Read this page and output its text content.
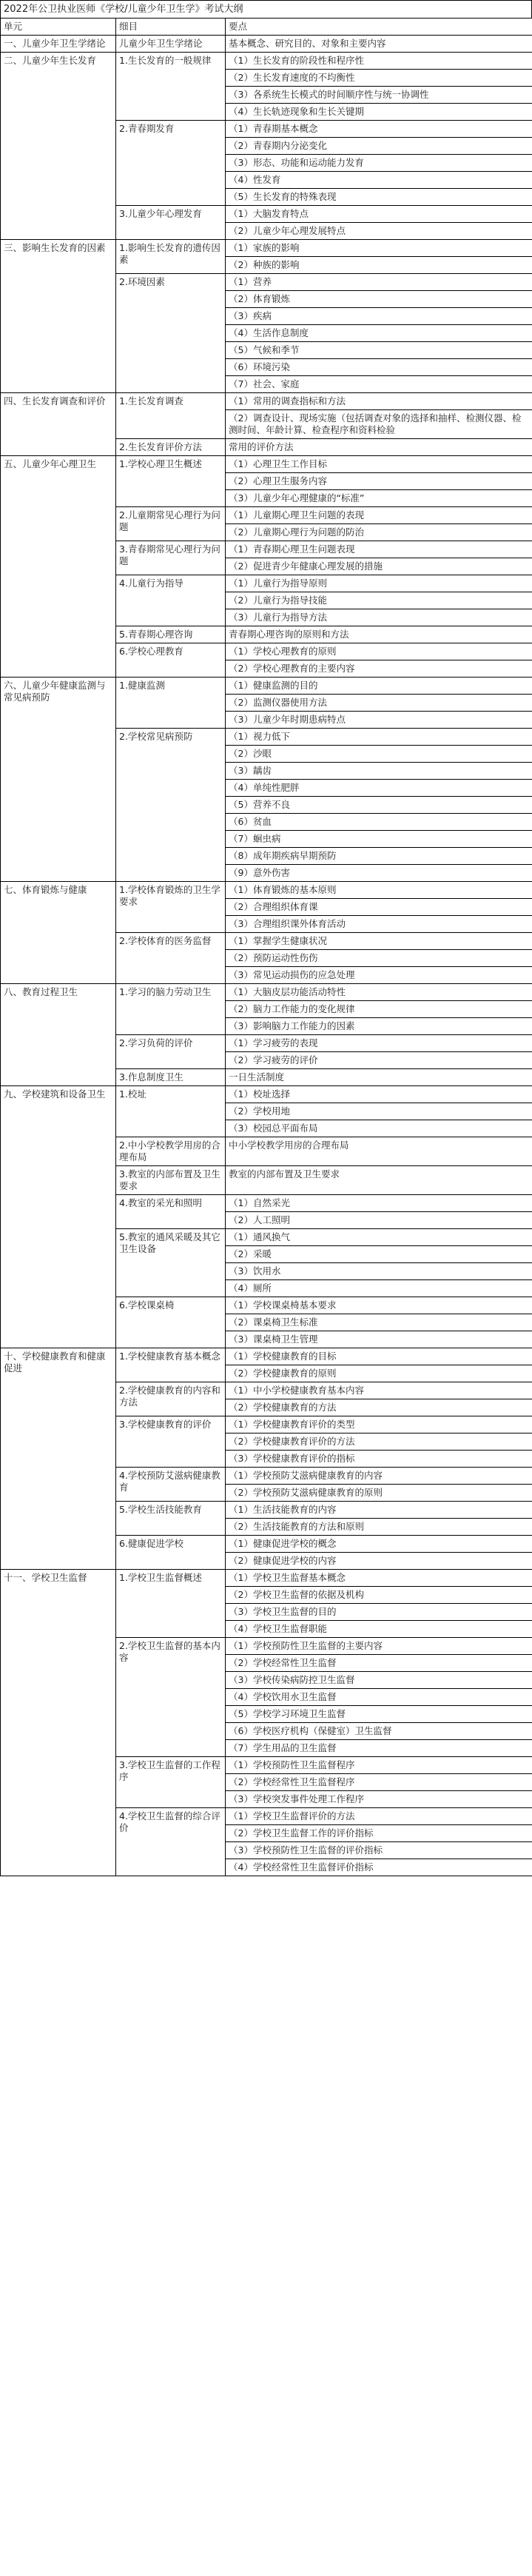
2022年公卫执业医师《学校/儿童少年卫生学》考试大纲
单元	细目	要点
一、儿童少年卫生学绪论	儿童少年卫生学绪论	基本概念、研究目的、对象和主要内容
二、儿童少年生长发育	1.生长发育的一般规律	（1）生长发育的阶段性和程序性
		（2）生长发育速度的不均衡性
		（3）各系统生长模式的时间顺序性与统一协调性
		（4）生长轨迹现象和生长关键期
	2.青春期发育	（1）青春期基本概念
		（2）青春期内分泌变化
		（3）形态、功能和运动能力发育
		（4）性发育
		（5）生长发育的特殊表现
	3.儿童少年心理发育	（1）大脑发育特点
		（2）儿童少年心理发展特点
三、影响生长发育的因素	1.影响生长发育的遗传因素	（1）家族的影响
		（2）种族的影响
	2.环境因素	（1）营养
		（2）体育锻炼
		（3）疾病
		（4）生活作息制度
		（5）气候和季节
		（6）环境污染
		（7）社会、家庭
四、生长发育调查和评价	1.生长发育调查	（1）常用的调查指标和方法
		（2）调查设计、现场实施（包括调查对象的选择和抽样、检测仪器、检测时间、年龄计算、检查程序和资料检验
	2.生长发育评价方法	常用的评价方法
五、儿童少年心理卫生	1.学校心理卫生概述	（1）心理卫生工作目标
		（2）心理卫生服务内容
		（3）儿童少年心理健康的“标准”
	2.儿童期常见心理行为问题	（1）儿童期心理卫生问题的表现
		（2）儿童期心理行为问题的防治
	3.青春期常见心理行为问题	（1）青春期心理卫生问题表现
		（2）促进青少年健康心理发展的措施
	4.儿童行为指导	（1）儿童行为指导原则
		（2）儿童行为指导技能
		（3）儿童行为指导方法
	5.青春期心理咨询	青春期心理咨询的原则和方法
	6.学校心理教育	（1）学校心理教育的原则
		（2）学校心理教育的主要内容
六、儿童少年健康监测与常见病预防	1.健康监测	（1）健康监测的目的
		（2）监测仪器使用方法
		（3）儿童少年时期患病特点
	2.学校常见病预防	（1）视力低下
		（2）沙眼
		（3）龋齿
		（4）单纯性肥胖
		（5）营养不良
		（6）贫血
		（7）蛔虫病
		（8）成年期疾病早期预防
		（9）意外伤害
七、体育锻炼与健康	1.学校体育锻炼的卫生学要求	（1）体育锻炼的基本原则
		（2）合理组织体育课
		（3）合理组织课外体育活动
	2.学校体育的医务监督	（1）掌握学生健康状况
		（2）预防运动性伤伤
		（3）常见运动损伤的应急处理
八、教育过程卫生	1.学习的脑力劳动卫生	（1）大脑皮层功能活动特性
		（2）脑力工作能力的变化规律
		（3）影响脑力工作能力的因素
	2.学习负荷的评价	（1）学习疲劳的表现
		（2）学习疲劳的评价
	3.作息制度卫生	一日生活制度
九、学校建筑和设备卫生	1.校址	（1）校址选择
		（2）学校用地
		（3）校园总平面布局
	2.中小学校教学用房的合理布局	中小学校教学用房的合理布局
	3.教室的内部布置及卫生要求	教室的内部布置及卫生要求
	4.教室的采光和照明	（1）自然采光
		（2）人工照明
	5.教室的通风采暖及其它卫生设备	（1）通风换气
		（2）采暖
		（3）饮用水
		（4）厕所
	6.学校课桌椅	（1）学校课桌椅基本要求
		（2）课桌椅卫生标准
		（3）课桌椅卫生管理
十、学校健康教育和健康促进	1.学校健康教育基本概念	（1）学校健康教育的目标
		（2）学校健康教育的原则
	2.学校健康教育的内容和方法	（1）中小学校健康教育基本内容
		（2）学校健康教育的方法
	3.学校健康教育的评价	（1）学校健康教育评价的类型
		（2）学校健康教育评价的方法
		（3）学校健康教育评价的指标
	4.学校预防艾滋病健康教育	（1）学校预防艾滋病健康教育的内容
		（2）学校预防艾滋病健康教育的原则
	5.学校生活技能教育	（1）生活技能教育的内容
		（2）生活技能教育的方法和原则
	6.健康促进学校	（1）健康促进学校的概念
		（2）健康促进学校的内容
十一、学校卫生监督	1.学校卫生监督概述	（1）学校卫生监督基本概念
		（2）学校卫生监督的依据及机构
		（3）学校卫生监督的目的
		（4）学校卫生监督职能
	2.学校卫生监督的基本内容	（1）学校预防性卫生监督的主要内容
		（2）学校经常性卫生监督
		（3）学校传染病防控卫生监督
		（4）学校饮用水卫生监督
		（5）学校学习环境卫生监督
		（6）学校医疗机构（保健室）卫生监督
		（7）学生用品的卫生监督
	3.学校卫生监督的工作程序	（1）学校预防性卫生监督程序
		（2）学校经常性卫生监督程序
		（3）学校突发事件处理工作程序
	4.学校卫生监督的综合评价	（1）学校卫生监督评价的方法
		（2）学校卫生监督工作的评价指标
		（3）学校预防性卫生监督的评价指标
		（4）学校经常性卫生监督评价指标
